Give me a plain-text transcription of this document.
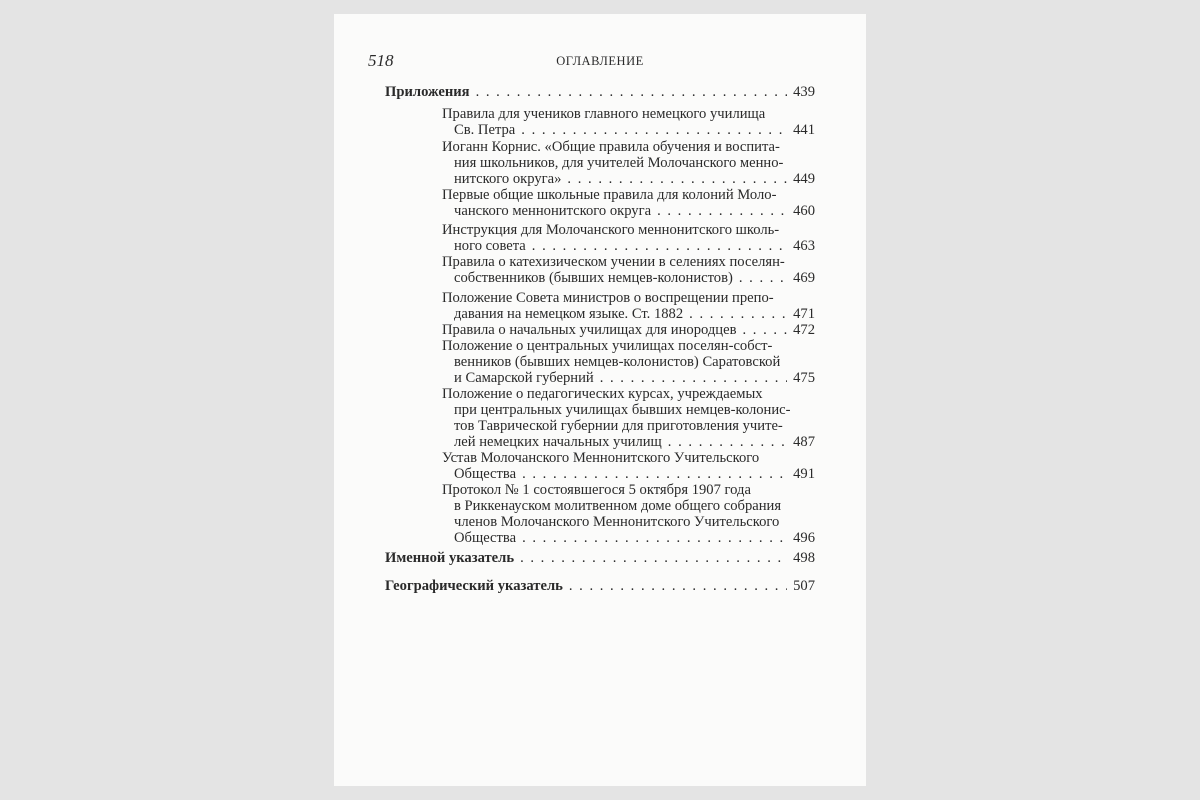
518	ОГЛАВЛЕНИЕ
Приложения . . .	439
Правила для учеников главного немецкого училища
Св. Петра . . .	441
Иоганн Корнис. «Общие правила обучения и воспита-
ния школьников, для учителей Молочанского менно-
нитского округа» . . .	449
Первые общие школьные правила для колоний Моло-
чанского меннонитского округа . . .	460
Инструкция для Молочанского меннонитского школь-
ного совета . . .	463
Правила о катехизическом учении в селениях поселян-
собственников (бывших немцев-колонистов) . . .	469
Положение Совета министров о воспрещении препо-
давания на немецком языке. Ст. 1882 . . .	471
Правила о начальных училищах для инородцев . . .	472
Положение о центральных училищах поселян-собст-
венников (бывших немцев-колонистов) Саратовской
и Самарской губерний . . .	475
Положение о педагогических курсах, учреждаемых
при центральных училищах бывших немцев-колонис-
тов Таврической губернии для приготовления учите-
лей немецких начальных училищ . . .	487
Устав Молочанского Меннонитского Учительского
Общества . . .	491
Протокол № 1 состоявшегося 5 октября 1907 года
в Риккенауском молитвенном доме общего собрания
членов Молочанского Меннонитского Учительского
Общества . . .	496
Именной указатель . . .	498
Географический указатель . . .	507
